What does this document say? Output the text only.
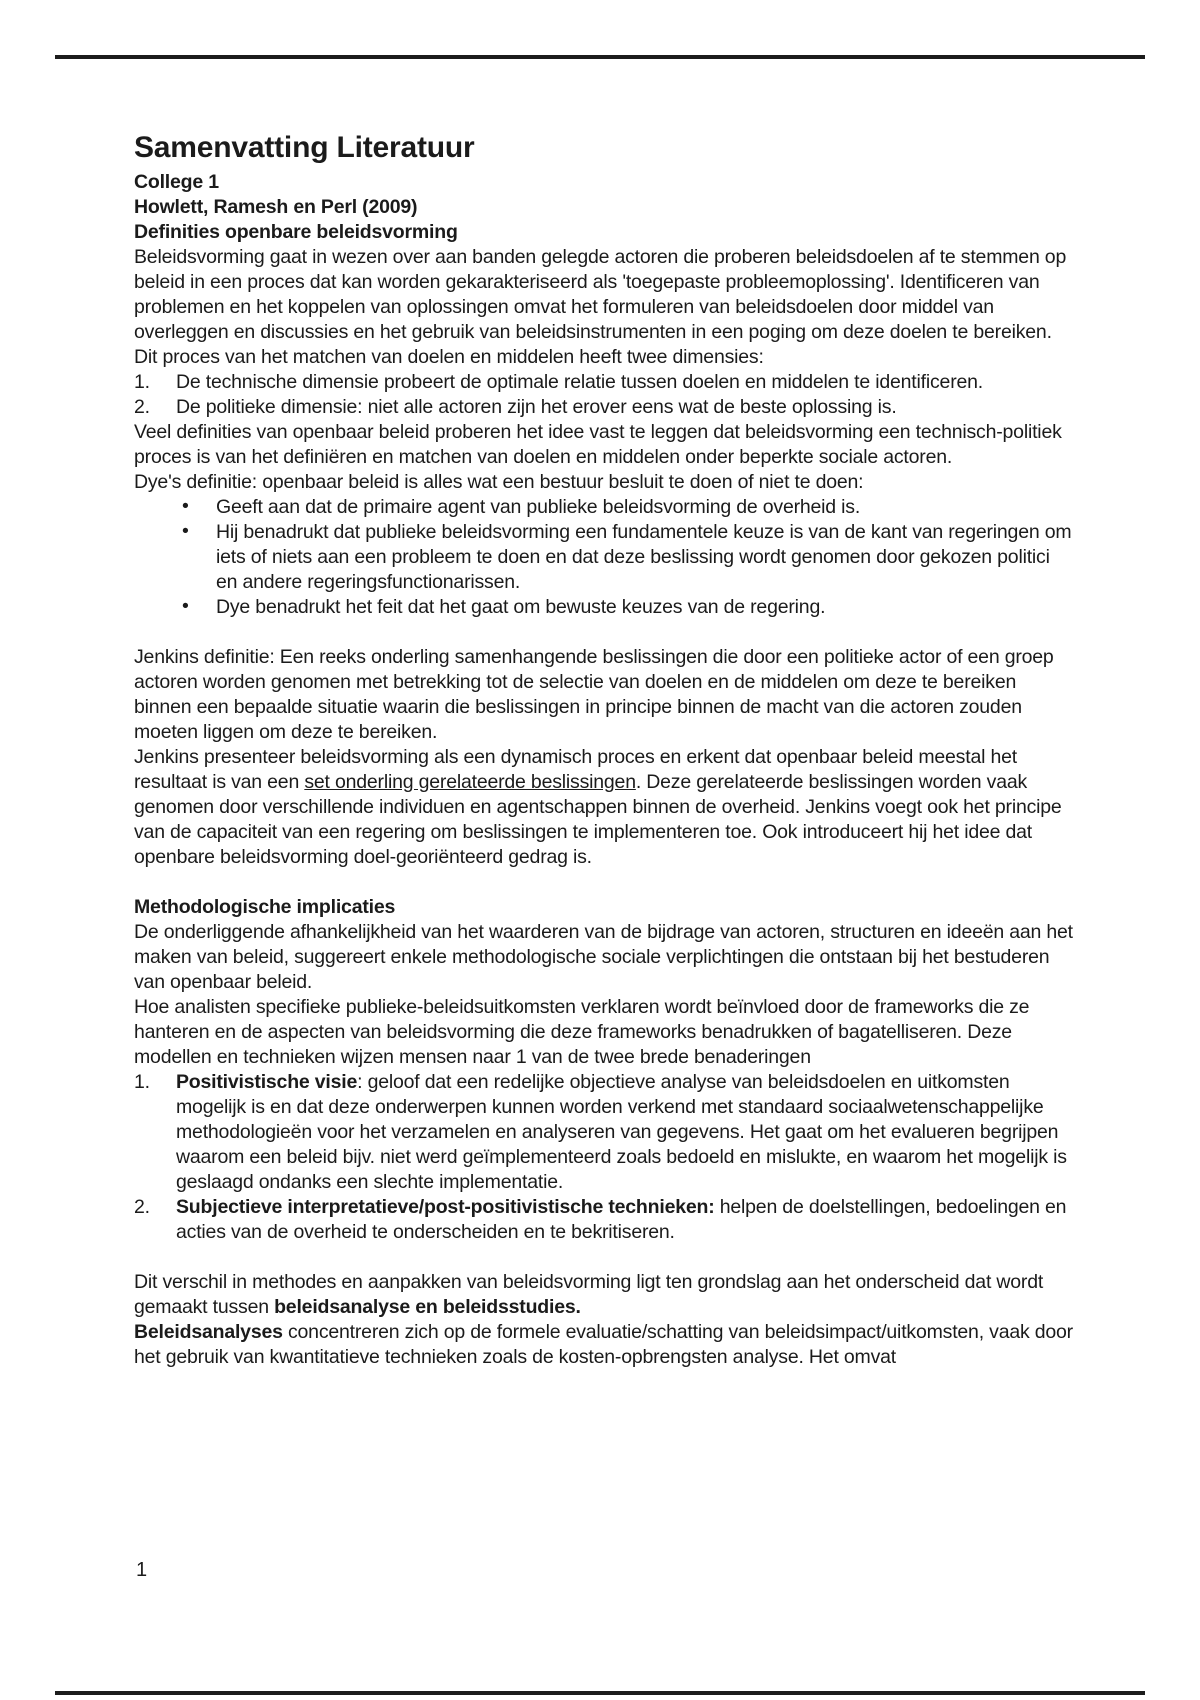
Samenvatting Literatuur

College 1

Howlett, Ramesh en Perl (2009)

Definities openbare beleidsvorming

Beleidsvorming gaat in wezen over aan banden gelegde actoren die proberen beleidsdoelen af te stemmen op beleid in een proces dat kan worden gekarakteriseerd als 'toegepaste probleemoplossing'. Identificeren van problemen en het koppelen van oplossingen omvat het formuleren van beleidsdoelen door middel van overleggen en discussies en het gebruik van beleidsinstrumenten in een poging om deze doelen te bereiken.

Dit proces van het matchen van doelen en middelen heeft twee dimensies:

1. De technische dimensie probeert de optimale relatie tussen doelen en middelen te identificeren.
2. De politieke dimensie: niet alle actoren zijn het erover eens wat de beste oplossing is.

Veel definities van openbaar beleid proberen het idee vast te leggen dat beleidsvorming een technisch-politiek proces is van het definiëren en matchen van doelen en middelen onder beperkte sociale actoren.

Dye's definitie: openbaar beleid is alles wat een bestuur besluit te doen of niet te doen:

• Geeft aan dat de primaire agent van publieke beleidsvorming de overheid is.
• Hij benadrukt dat publieke beleidsvorming een fundamentele keuze is van de kant van regeringen om iets of niets aan een probleem te doen en dat deze beslissing wordt genomen door gekozen politici en andere regeringsfunctionarissen.
• Dye benadrukt het feit dat het gaat om bewuste keuzes van de regering.

Jenkins definitie: Een reeks onderling samenhangende beslissingen die door een politieke actor of een groep actoren worden genomen met betrekking tot de selectie van doelen en de middelen om deze te bereiken binnen een bepaalde situatie waarin die beslissingen in principe binnen de macht van die actoren zouden moeten liggen om deze te bereiken.

Jenkins presenteer beleidsvorming als een dynamisch proces en erkent dat openbaar beleid meestal het resultaat is van een set onderling gerelateerde beslissingen. Deze gerelateerde beslissingen worden vaak genomen door verschillende individuen en agentschappen binnen de overheid. Jenkins voegt ook het principe van de capaciteit van een regering om beslissingen te implementeren toe. Ook introduceert hij het idee dat openbare beleidsvorming doel-georiënteerd gedrag is.

Methodologische implicaties

De onderliggende afhankelijkheid van het waarderen van de bijdrage van actoren, structuren en ideeën aan het maken van beleid, suggereert enkele methodologische sociale verplichtingen die ontstaan bij het bestuderen van openbaar beleid.

Hoe analisten specifieke publieke-beleidsuitkomsten verklaren wordt beïnvloed door de frameworks die ze hanteren en de aspecten van beleidsvorming die deze frameworks benadrukken of bagatelliseren. Deze modellen en technieken wijzen mensen naar 1 van de twee brede benaderingen

1. Positivistische visie: geloof dat een redelijke objectieve analyse van beleidsdoelen en uitkomsten mogelijk is en dat deze onderwerpen kunnen worden verkend met standaard sociaalwetenschappelijke methodologieën voor het verzamelen en analyseren van gegevens. Het gaat om het evalueren begrijpen waarom een beleid bijv. niet werd geïmplementeerd zoals bedoeld en mislukte, en waarom het mogelijk is geslaagd ondanks een slechte implementatie.
2. Subjectieve interpretatieve/post-positivistische technieken: helpen de doelstellingen, bedoelingen en acties van de overheid te onderscheiden en te bekritiseren.

Dit verschil in methodes en aanpakken van beleidsvorming ligt ten grondslag aan het onderscheid dat wordt gemaakt tussen beleidsanalyse en beleidsstudies.

Beleidsanalyses concentreren zich op de formele evaluatie/schatting van beleidsimpact/uitkomsten, vaak door het gebruik van kwantitatieve technieken zoals de kosten-opbrengsten analyse. Het omvat

1
